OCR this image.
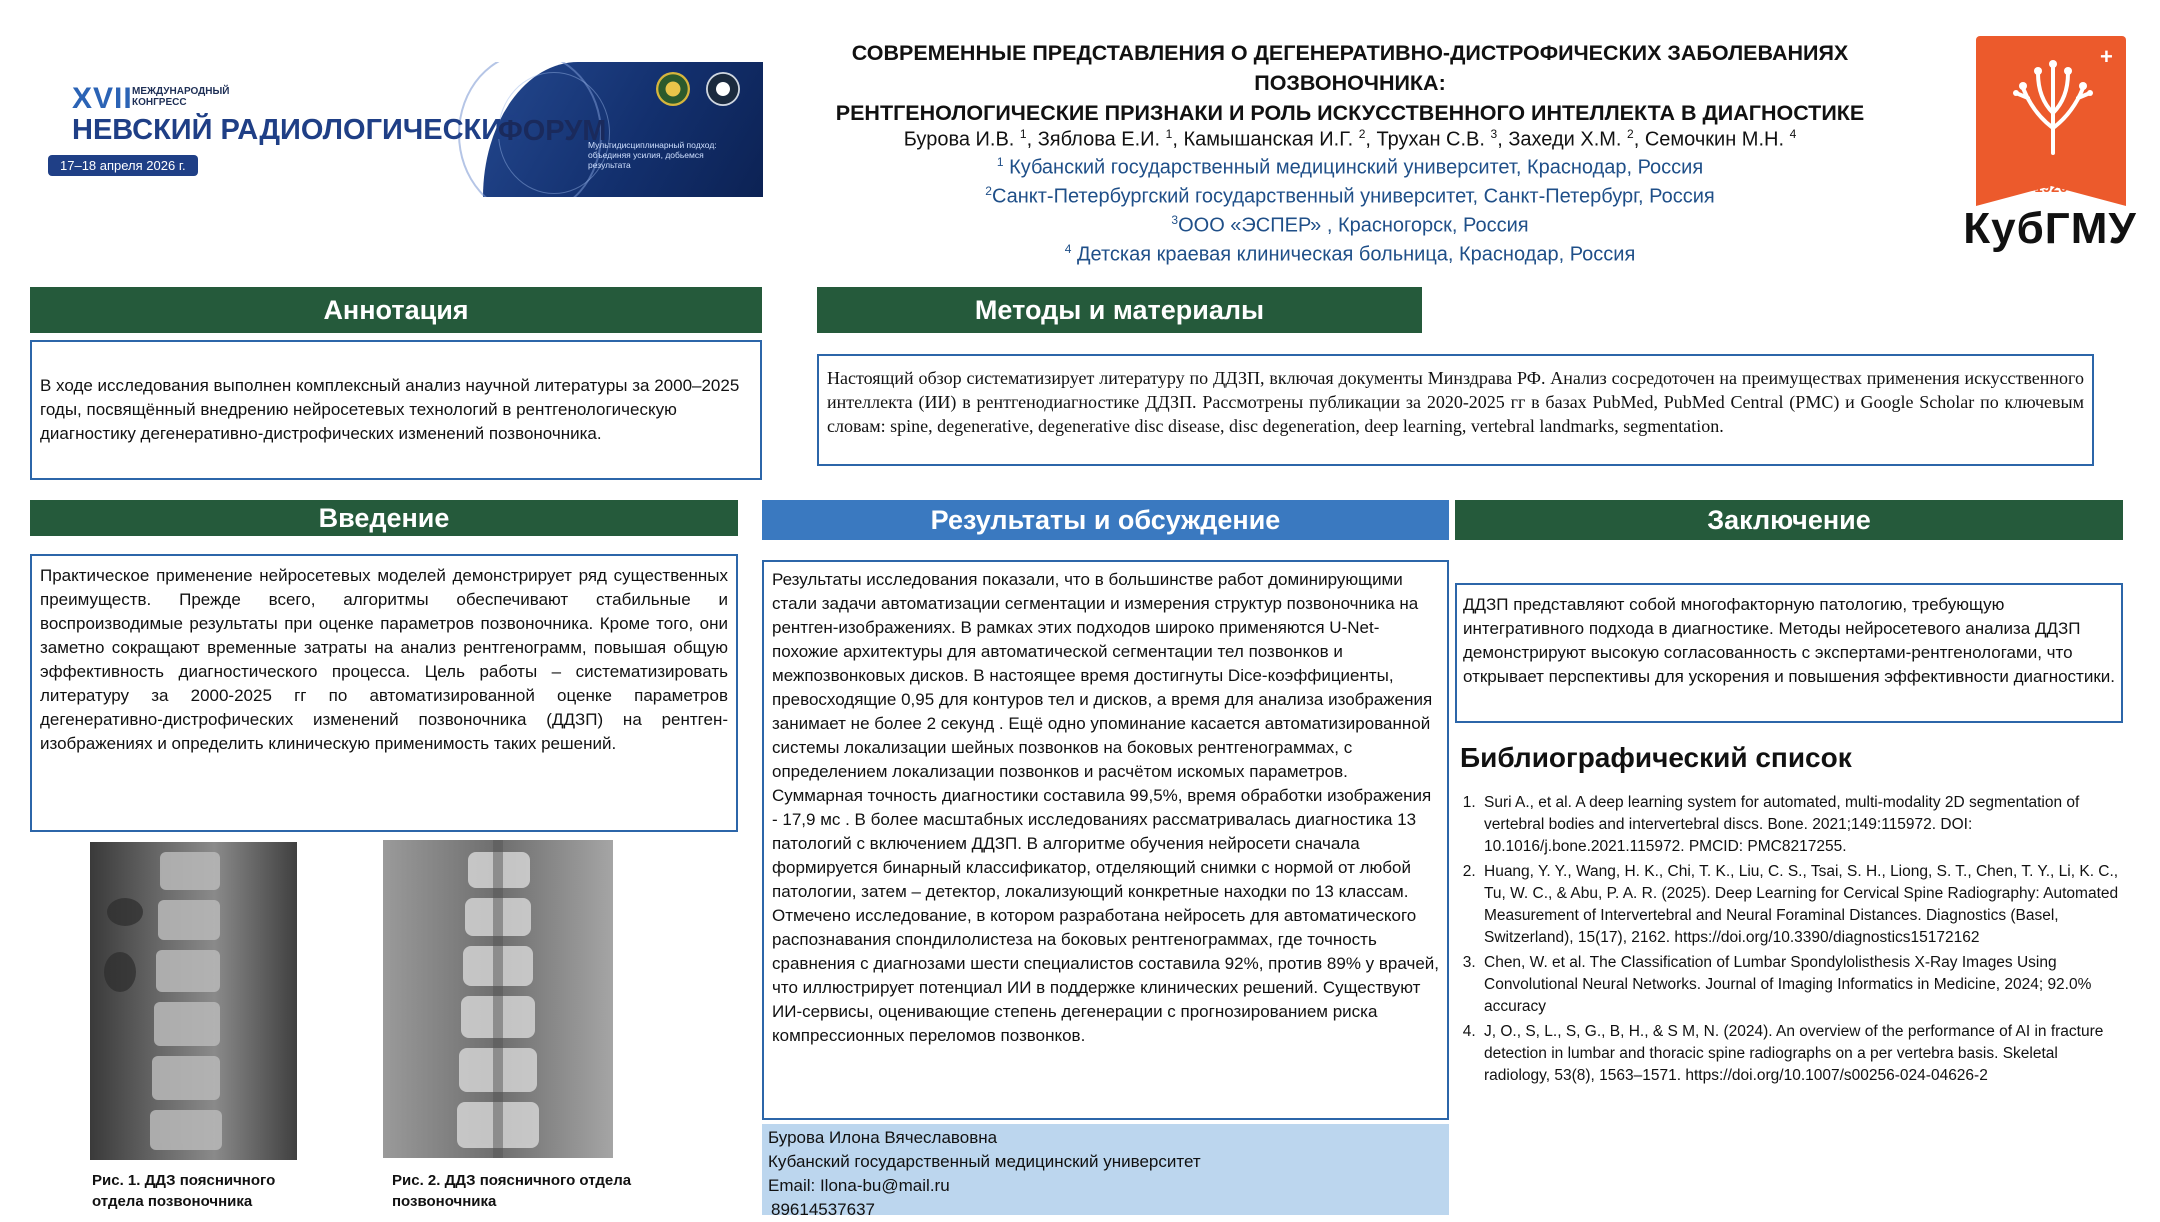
XVII МЕЖДУНАРОДНЫЙ КОНГРЕСС
НЕВСКИЙ РАДИОЛОГИЧЕСКИЙ
ФОРУМ
17–18 апреля 2026 г.
Мультидисциплинарный подход: объединяя усилия, добьемся результата
СОВРЕМЕННЫЕ ПРЕДСТАВЛЕНИЯ О ДЕГЕНЕРАТИВНО-ДИСТРОФИЧЕСКИХ ЗАБОЛЕВАНИЯХ ПОЗВОНОЧНИКА:
РЕНТГЕНОЛОГИЧЕСКИЕ ПРИЗНАКИ И РОЛЬ ИСКУССТВЕННОГО ИНТЕЛЛЕКТА В ДИАГНОСТИКЕ
Бурова И.В. $^1$, Зяблова Е.И. $^1$, Камышанская И.Г. $^2$, Трухан С.В. $^3$, Захеди Х.М. $^2$, Семочкин М.Н. $^4$
$^1$ Кубанский государственный медицинский университет, Краснодар, Россия
$^2$Санкт-Петербургский государственный университет, Санкт-Петербург, Россия
$^3$ООО «ЭСПЕР» , Красногорск, Россия
$^4$ Детская краевая клиническая больница, Краснодар, Россия
+
1920
КубГМУ
Аннотация
В ходе исследования выполнен комплексный анализ научной литературы за 2000–2025 годы, посвящённый внедрению нейросетевых технологий в рентгенологическую диагностику дегенеративно-дистрофических изменений позвоночника.
Методы и материалы
Настоящий обзор систематизирует литературу по ДДЗП, включая документы Минздрава РФ. Анализ сосредоточен на преимуществах применения искусственного интеллекта (ИИ) в рентгенодиагностике ДДЗП. Рассмотрены публикации за 2020-2025 гг в базах PubMed, PubMed Central (PMC) и Google Scholar по ключевым словам: spine, degenerative, degenerative disc disease, disc degeneration, deep learning, vertebral landmarks, segmentation.
Введение
Практическое применение нейросетевых моделей демонстрирует ряд существенных преимуществ. Прежде всего, алгоритмы обеспечивают стабильные и воспроизводимые результаты при оценке параметров позвоночника. Кроме того, они заметно сокращают временные затраты на анализ рентгенограмм, повышая общую эффективность диагностического процесса. Цель работы – систематизировать литературу за 2000-2025 гг по автоматизированной оценке параметров дегенеративно-дистрофических изменений позвоночника (ДДЗП) на рентген-изображениях и определить клиническую применимость таких решений.
Рис. 1. ДДЗ поясничного отдела позвоночника
Рис. 2. ДДЗ поясничного отдела позвоночника
Результаты и обсуждение
Результаты исследования показали, что в большинстве работ доминирующими стали задачи автоматизации сегментации и измерения структур позвоночника на рентген-изображениях. В рамках этих подходов широко применяются U-Net-похожие архитектуры для автоматической сегментации тел позвонков и межпозвонковых дисков. В настоящее время достигнуты Dice-коэффициенты, превосходящие 0,95 для контуров тел и дисков, а время для анализа изображения занимает не более 2 секунд . Ещё одно упоминание касается автоматизированной системы локализации шейных позвонков на боковых рентгенограммах, с определением локализации позвонков и расчётом искомых параметров. Суммарная точность диагностики составила 99,5%, время обработки изображения - 17,9 мс . В более масштабных исследованиях рассматривалась диагностика 13 патологий с включением ДДЗП. В алгоритме обучения нейросети сначала формируется бинарный классификатор, отделяющий снимки с нормой от любой патологии, затем – детектор, локализующий конкретные находки по 13 классам. Отмечено исследование, в котором разработана нейросеть для автоматического распознавания спондилолистеза на боковых рентгенограммах, где точность сравнения с диагнозами шести специалистов составила 92%, против 89% у врачей, что иллюстрирует потенциал ИИ в поддержке клинических решений. Существуют ИИ-сервисы, оценивающие степень дегенерации с прогнозированием риска компрессионных переломов позвонков.
Бурова Илона Вячеславовна
Кубанский государственный медицинский университет
Email: Ilona-bu@mail.ru
89614537637
Заключение
ДДЗП представляют собой многофакторную патологию, требующую интегративного подхода в диагностике. Методы нейросетевого анализа ДДЗП демонстрируют высокую согласованность с экспертами-рентгенологами, что открывает перспективы для ускорения и повышения эффективности диагностики.
Библиографический список
1. Suri A., et al. A deep learning system for automated, multi-modality 2D segmentation of vertebral bodies and intervertebral discs. Bone. 2021;149:115972. DOI: 10.1016/j.bone.2021.115972. PMCID: PMC8217255.
2. Huang, Y. Y., Wang, H. K., Chi, T. K., Liu, C. S., Tsai, S. H., Liong, S. T., Chen, T. Y., Li, K. C., Tu, W. C., & Abu, P. A. R. (2025). Deep Learning for Cervical Spine Radiography: Automated Measurement of Intervertebral and Neural Foraminal Distances. Diagnostics (Basel, Switzerland), 15(17), 2162. https://doi.org/10.3390/diagnostics15172162
3. Chen, W. et al. The Classification of Lumbar Spondylolisthesis X-Ray Images Using Convolutional Neural Networks. Journal of Imaging Informatics in Medicine, 2024; 92.0% accuracy
4. J, O., S, L., S, G., B, H., & S M, N. (2024). An overview of the performance of AI in fracture detection in lumbar and thoracic spine radiographs on a per vertebra basis. Skeletal radiology, 53(8), 1563–1571. https://doi.org/10.1007/s00256-024-04626-2
